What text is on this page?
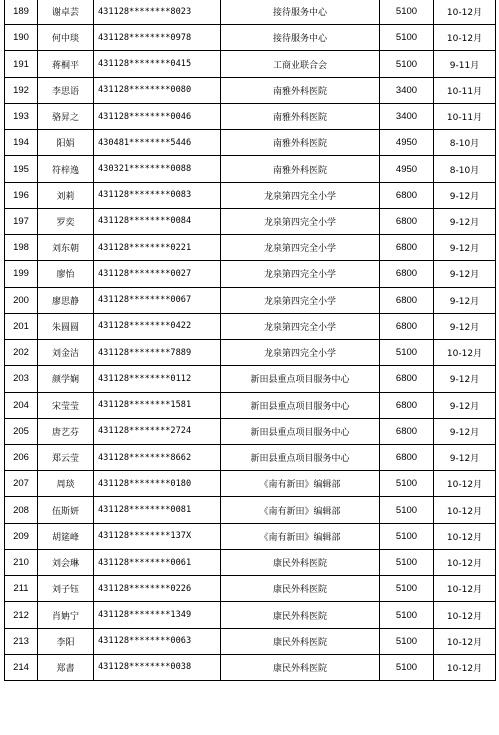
189	谢卓芸	431128********8023	接待服务中心	5100	10-12月
190	何中琰	431128********0978	接待服务中心	5100	10-12月
191	蒋桐平	431128********0415	工商业联合会	5100	9-11月
192	李思语	431128********0080	南雅外科医院	3400	10-11月
193	骆昇之	431128********0046	南雅外科医院	3400	10-11月
194	阳娟	430481********5446	南雅外科医院	4950	8-10月
195	符梓逸	430321********0088	南雅外科医院	4950	8-10月
196	刘莉	431128********0083	龙泉第四完全小学	6800	9-12月
197	罗奕	431128********0084	龙泉第四完全小学	6800	9-12月
198	刘东朝	431128********0221	龙泉第四完全小学	6800	9-12月
199	廖怡	431128********0027	龙泉第四完全小学	6800	9-12月
200	廖思静	431128********0067	龙泉第四完全小学	6800	9-12月
201	朱圆圆	431128********0422	龙泉第四完全小学	6800	9-12月
202	刘金洁	431128********7889	龙泉第四完全小学	5100	10-12月
203	颜学娴	431128********0112	新田县重点项目服务中心	6800	9-12月
204	宋莹莹	431128********1581	新田县重点项目服务中心	6800	9-12月
205	唐艺芬	431128********2724	新田县重点项目服务中心	6800	9-12月
206	郑云莹	431128********8662	新田县重点项目服务中心	6800	9-12月
207	周琰	431128********0180	《南有新田》编辑部	5100	10-12月
208	伍斯妍	431128********0081	《南有新田》编辑部	5100	10-12月
209	胡筵峰	431128********137X	《南有新田》编辑部	5100	10-12月
210	刘会琳	431128********0061	康民外科医院	5100	10-12月
211	刘子钰	431128********0226	康民外科医院	5100	10-12月
212	肖姌宁	431128********1349	康民外科医院	5100	10-12月
213	李阳	431128********0063	康民外科医院	5100	10-12月
214	郑書	431128********0038	康民外科医院	5100	10-12月
